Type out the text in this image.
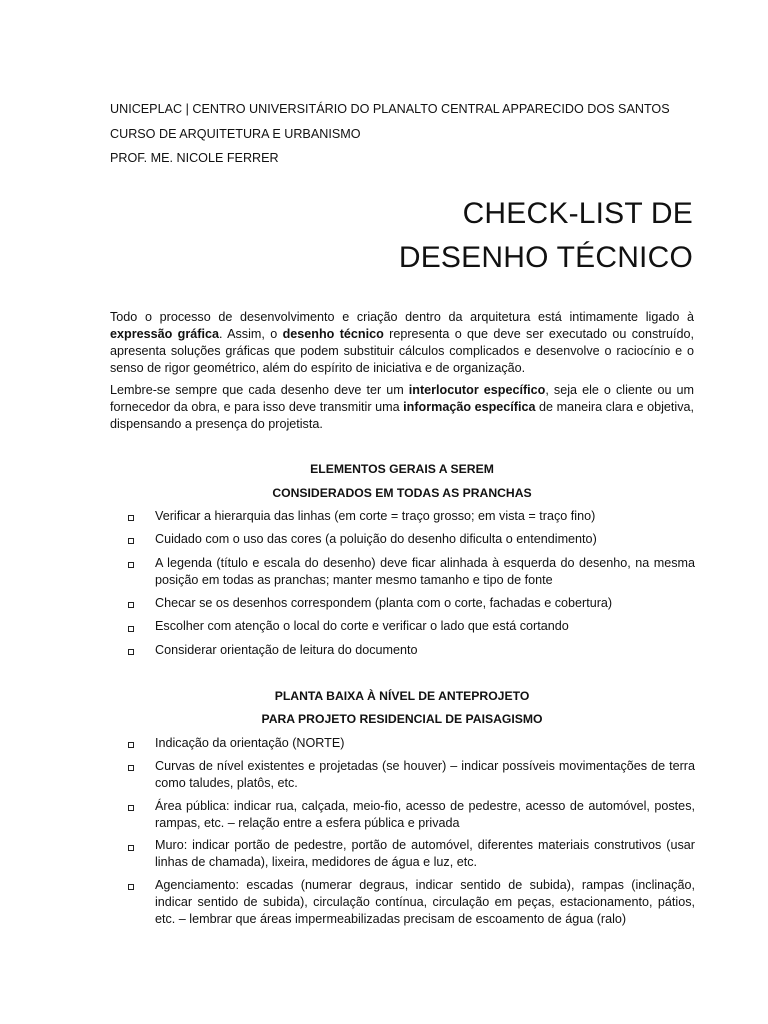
UNICEPLAC | CENTRO UNIVERSITÁRIO DO PLANALTO CENTRAL APPARECIDO DOS SANTOS
CURSO DE ARQUITETURA E URBANISMO
PROF. ME. NICOLE FERRER
CHECK-LIST DE
DESENHO TÉCNICO
Todo o processo de desenvolvimento e criação dentro da arquitetura está intimamente ligado à expressão gráfica. Assim, o desenho técnico representa o que deve ser executado ou construído, apresenta soluções gráficas que podem substituir cálculos complicados e desenvolve o raciocínio e o senso de rigor geométrico, além do espírito de iniciativa e de organização.
Lembre-se sempre que cada desenho deve ter um interlocutor específico, seja ele o cliente ou um fornecedor da obra, e para isso deve transmitir uma informação específica de maneira clara e objetiva, dispensando a presença do projetista.
ELEMENTOS GERAIS A SEREM
CONSIDERADOS EM TODAS AS PRANCHAS
Verificar a hierarquia das linhas (em corte = traço grosso; em vista = traço fino)
Cuidado com o uso das cores (a poluição do desenho dificulta o entendimento)
A legenda (título e escala do desenho) deve ficar alinhada à esquerda do desenho, na mesma posição em todas as pranchas; manter mesmo tamanho e tipo de fonte
Checar se os desenhos correspondem (planta com o corte, fachadas e cobertura)
Escolher com atenção o local do corte e verificar o lado que está cortando
Considerar orientação de leitura do documento
PLANTA BAIXA À NÍVEL DE ANTEPROJETO
PARA PROJETO RESIDENCIAL DE PAISAGISMO
Indicação da orientação (NORTE)
Curvas de nível existentes e projetadas (se houver) – indicar possíveis movimentações de terra como taludes, platôs, etc.
Área pública: indicar rua, calçada, meio-fio, acesso de pedestre, acesso de automóvel, postes, rampas, etc. – relação entre a esfera pública e privada
Muro: indicar portão de pedestre, portão de automóvel, diferentes materiais construtivos (usar linhas de chamada), lixeira, medidores de água e luz, etc.
Agenciamento: escadas (numerar degraus, indicar sentido de subida), rampas (inclinação, indicar sentido de subida), circulação contínua, circulação em peças, estacionamento, pátios, etc. – lembrar que áreas impermeabilizadas precisam de escoamento de água (ralo)
